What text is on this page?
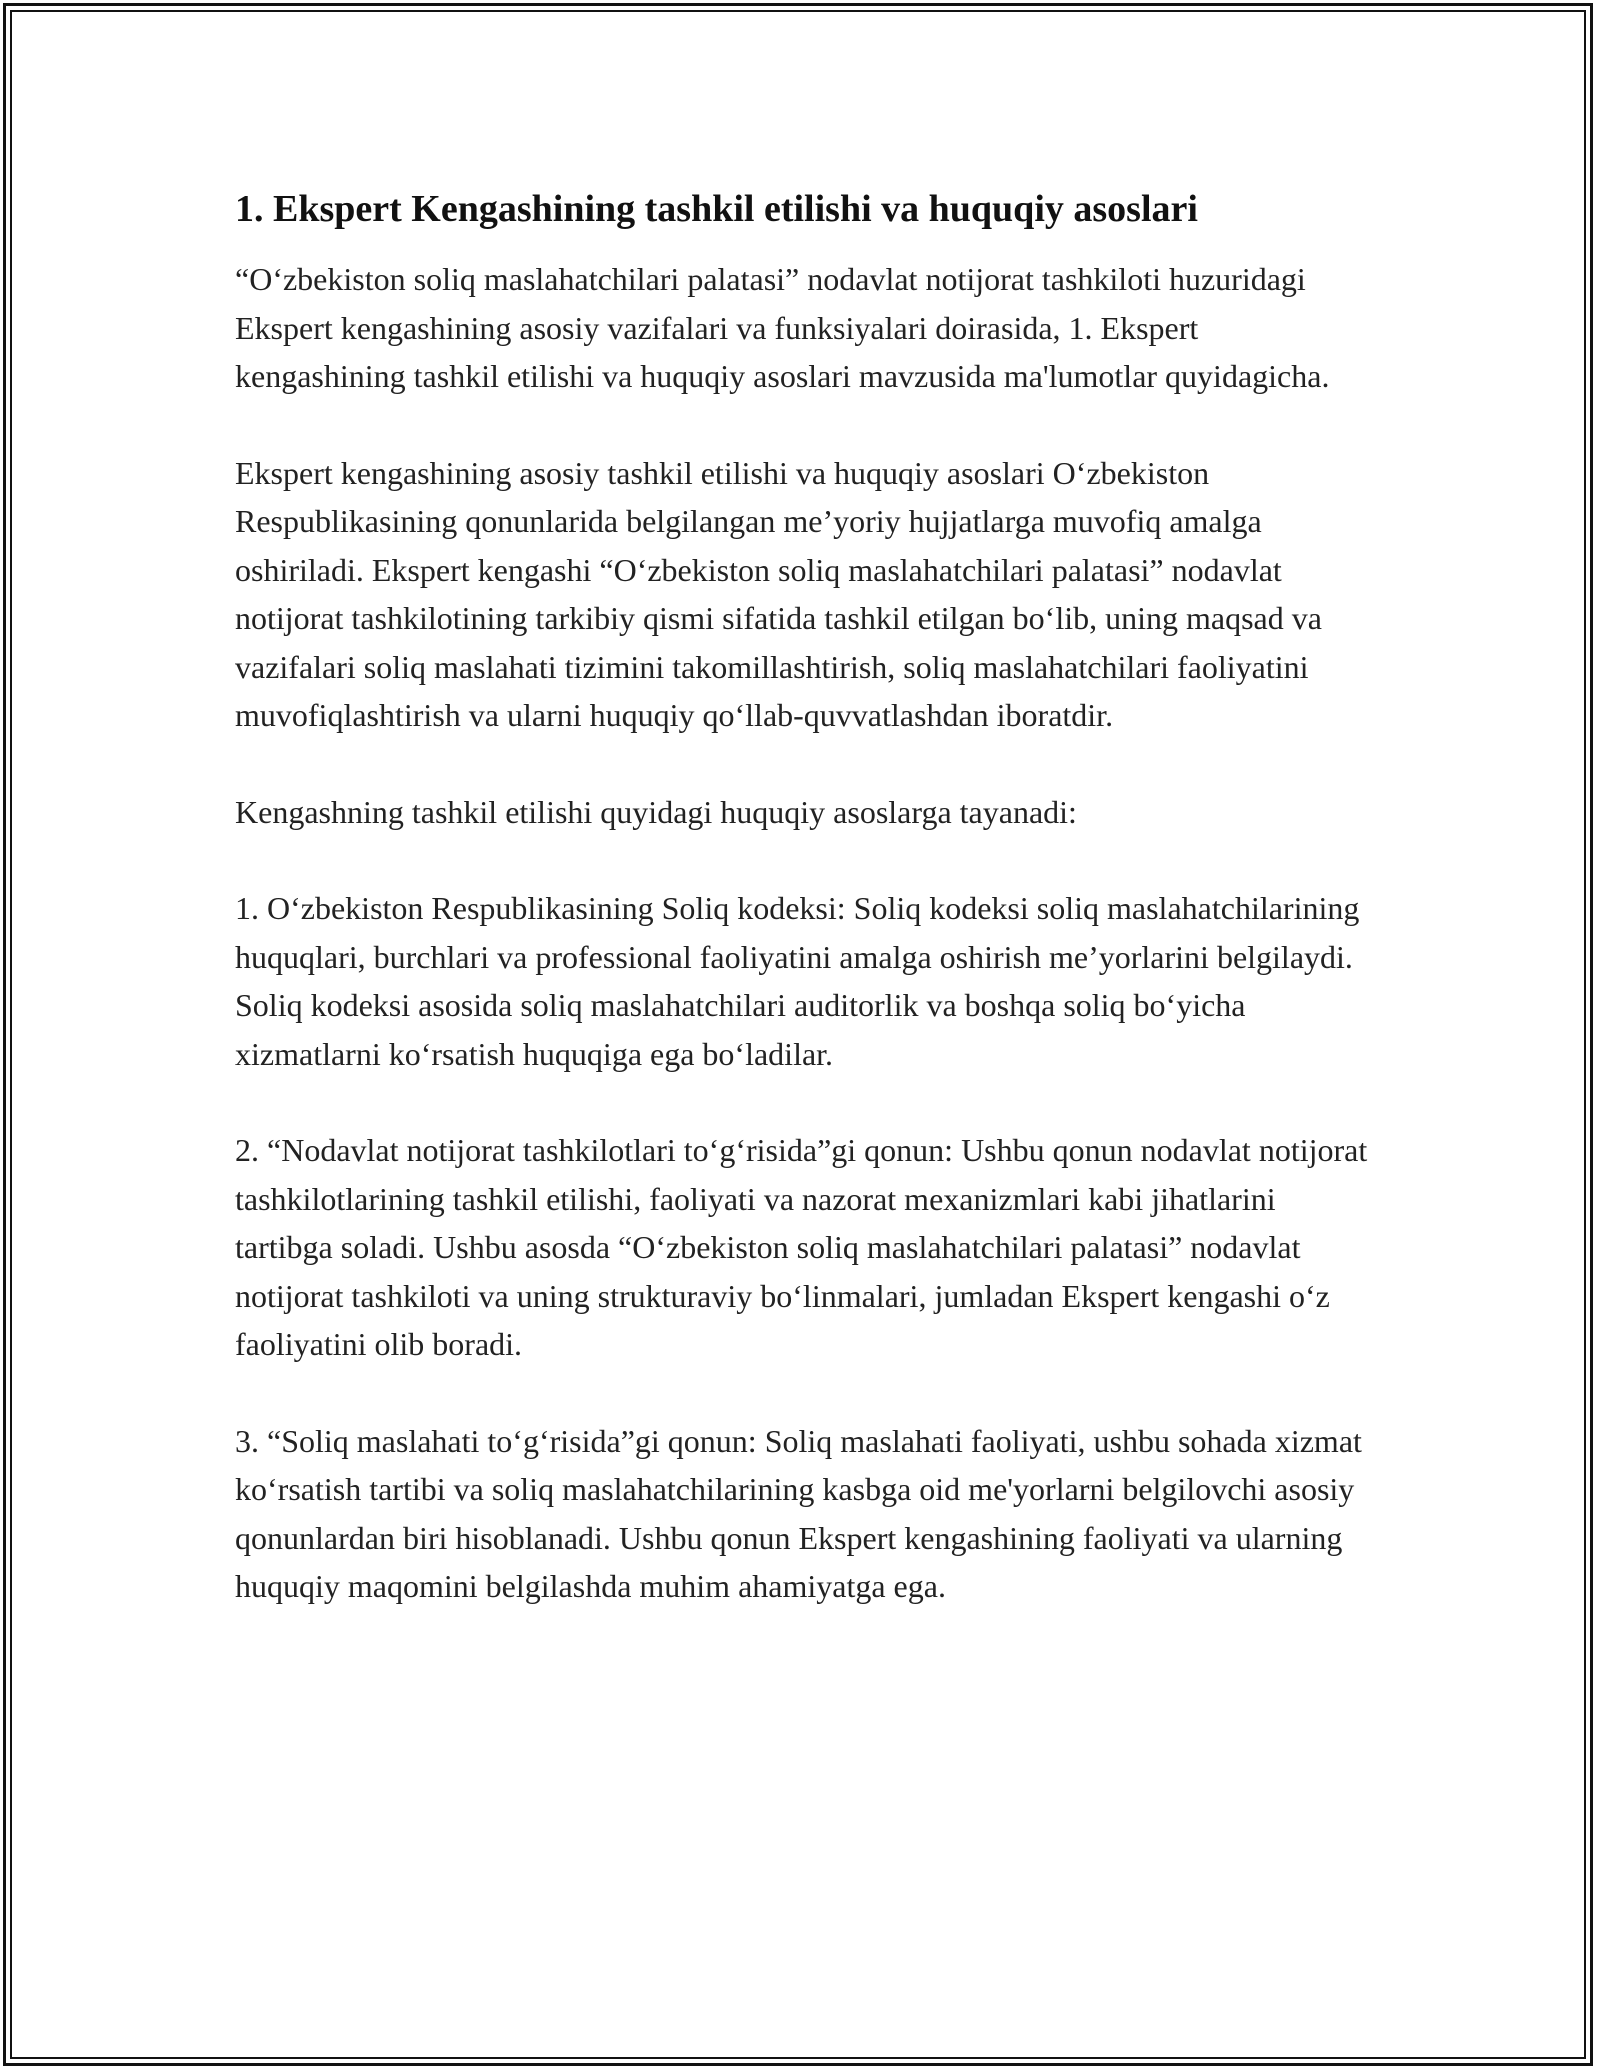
1. Ekspert Kengashining tashkil etilishi va huquqiy asoslari

“O‘zbekiston soliq maslahatchilari palatasi” nodavlat notijorat tashkiloti huzuridagi Ekspert kengashining asosiy vazifalari va funksiyalari doirasida, 1. Ekspert kengashining tashkil etilishi va huquqiy asoslari mavzusida ma'lumotlar quyidagicha.

Ekspert kengashining asosiy tashkil etilishi va huquqiy asoslari O‘zbekiston Respublikasining qonunlarida belgilangan me’yoriy hujjatlarga muvofiq amalga oshiriladi. Ekspert kengashi “O‘zbekiston soliq maslahatchilari palatasi” nodavlat notijorat tashkilotining tarkibiy qismi sifatida tashkil etilgan bo‘lib, uning maqsad va vazifalari soliq maslahati tizimini takomillashtirish, soliq maslahatchilari faoliyatini muvofiqlashtirish va ularni huquqiy qo‘llab-quvvatlashdan iboratdir.

Kengashning tashkil etilishi quyidagi huquqiy asoslarga tayanadi:

1. O‘zbekiston Respublikasining Soliq kodeksi: Soliq kodeksi soliq maslahatchilarining huquqlari, burchlari va professional faoliyatini amalga oshirish me’yorlarini belgilaydi. Soliq kodeksi asosida soliq maslahatchilari auditorlik va boshqa soliq bo‘yicha xizmatlarni ko‘rsatish huquqiga ega bo‘ladilar.

2. “Nodavlat notijorat tashkilotlari to‘g‘risida”gi qonun: Ushbu qonun nodavlat notijorat tashkilotlarining tashkil etilishi, faoliyati va nazorat mexanizmlari kabi jihatlarini tartibga soladi. Ushbu asosda “O‘zbekiston soliq maslahatchilari palatasi” nodavlat notijorat tashkiloti va uning strukturaviy bo‘linmalari, jumladan Ekspert kengashi o‘z faoliyatini olib boradi.

3. “Soliq maslahati to‘g‘risida”gi qonun: Soliq maslahati faoliyati, ushbu sohada xizmat ko‘rsatish tartibi va soliq maslahatchilarining kasbga oid me'yorlarni belgilovchi asosiy qonunlardan biri hisoblanadi. Ushbu qonun Ekspert kengashining faoliyati va ularning huquqiy maqomini belgilashda muhim ahamiyatga ega.
